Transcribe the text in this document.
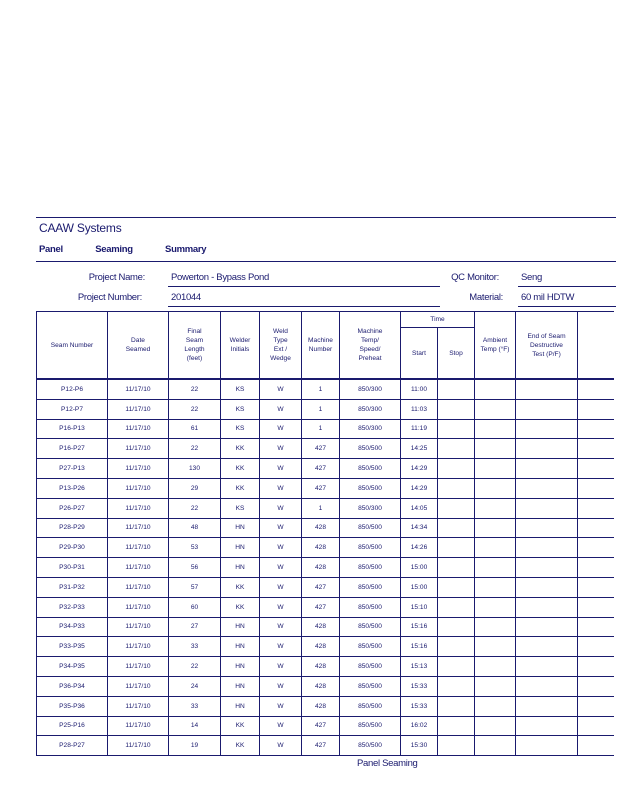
CAAW Systems
Panel	Seaming	Summary
Project Name:	Powerton - Bypass Pond
Project Number:	201044
QC Monitor: Seng
Material: 60 mil HDTW
Seam Number	Date Seamed	Final Seam Length (feet)	Welder Initials	Weld Type Ext / Wedge	Machine Number	Machine Temp/ Speed/ Preheat	Time		Ambient Temp (°F)	End of Seam Destructive Test (P/F)	
							Start	Stop			
P12-P6	11/17/10	22	KS	W	1	850/300	11:00				
P12-P7	11/17/10	22	KS	W	1	850/300	11:03				
P16-P13	11/17/10	61	KS	W	1	850/300	11:19				
P16-P27	11/17/10	22	KK	W	427	850/500	14:25				
P27-P13	11/17/10	130	KK	W	427	850/500	14:29				
P13-P26	11/17/10	29	KK	W	427	850/500	14:29				
P26-P27	11/17/10	22	KS	W	1	850/300	14:05				
P28-P29	11/17/10	48	HN	W	428	850/500	14:34				
P29-P30	11/17/10	53	HN	W	428	850/500	14:26				
P30-P31	11/17/10	56	HN	W	428	850/500	15:00				
P31-P32	11/17/10	57	KK	W	427	850/500	15:00				
P32-P33	11/17/10	60	KK	W	427	850/500	15:10				
P34-P33	11/17/10	27	HN	W	428	850/500	15:16				
P33-P35	11/17/10	33	HN	W	428	850/500	15:16				
P34-P35	11/17/10	22	HN	W	428	850/500	15:13				
P36-P34	11/17/10	24	HN	W	428	850/500	15:33				
P35-P36	11/17/10	33	HN	W	428	850/500	15:33				
P25-P16	11/17/10	14	KK	W	427	850/500	16:02				
P28-P27	11/17/10	19	KK	W	427	850/500	15:30				
Panel Seaming
